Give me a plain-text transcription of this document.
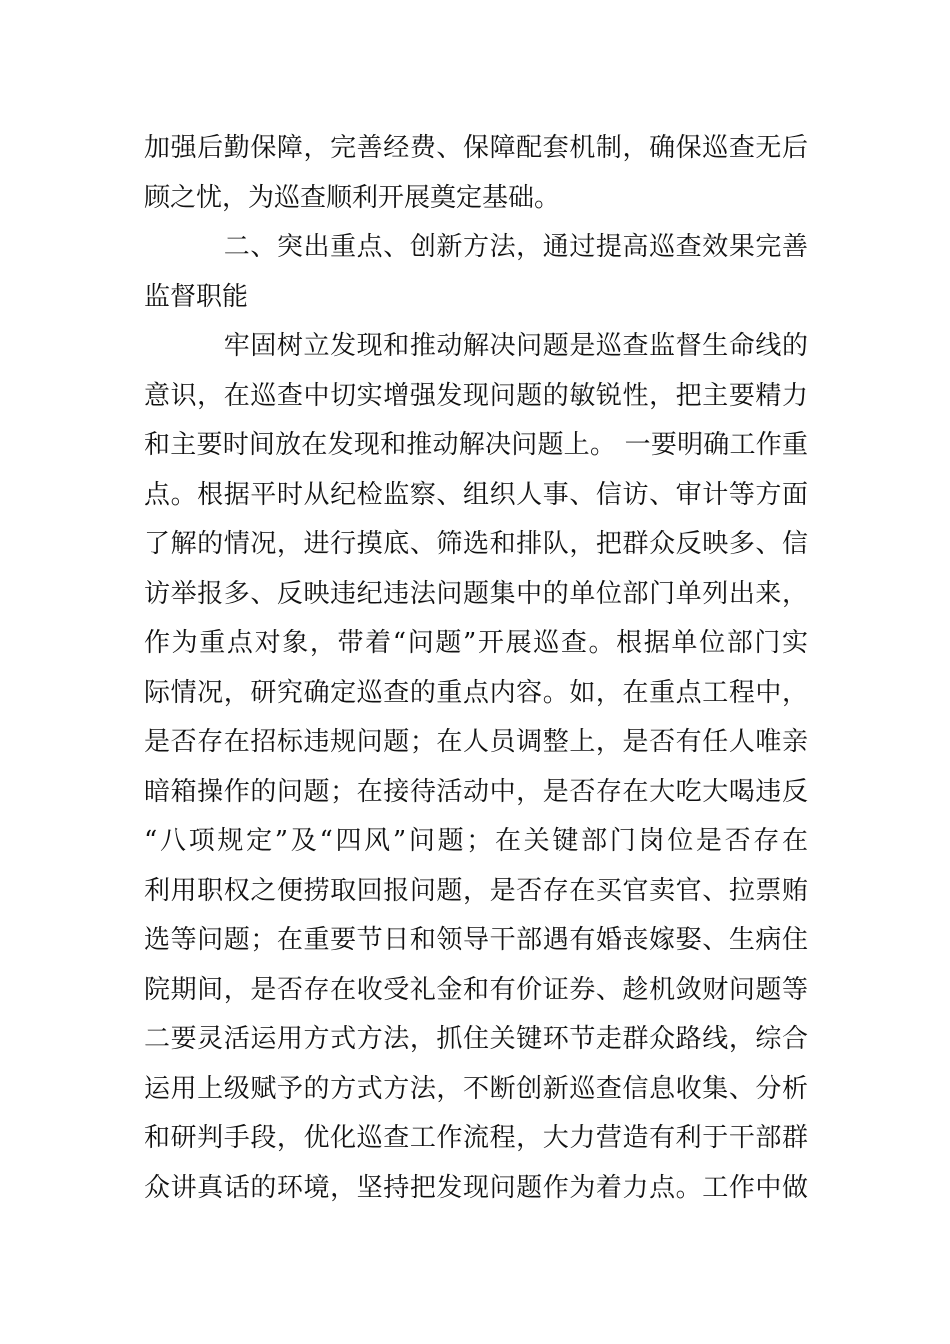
加强后勤保障，完善经费、保障配套机制，确保巡查无后
顾之忧，为巡查顺利开展奠定基础。
　　　二、突出重点、创新方法，通过提高巡查效果完善
监督职能
　　　牢固树立发现和推动解决问题是巡查监督生命线的
意识，在巡查中切实增强发现问题的敏锐性，把主要精力
和主要时间放在发现和推动解决问题上。 一要明确工作重
点。根据平时从纪检监察、组织人事、信访、审计等方面
了解的情况，进行摸底、筛选和排队，把群众反映多、信
访举报多、反映违纪违法问题集中的单位部门单列出来，
作为重点对象，带着“问题”开展巡查。根据单位部门实
际情况，研究确定巡查的重点内容。如，在重点工程中，
是否存在招标违规问题；在人员调整上，是否有任人唯亲
暗箱操作的问题；在接待活动中，是否存在大吃大喝违反
“八项规定”及“四风”问题；在关键部门岗位是否存在
利用职权之便捞取回报问题，是否存在买官卖官、拉票贿
选等问题；在重要节日和领导干部遇有婚丧嫁娶、生病住
院期间，是否存在收受礼金和有价证券、趁机敛财问题等
二要灵活运用方式方法，抓住关键环节走群众路线，综合
运用上级赋予的方式方法，不断创新巡查信息收集、分析
和研判手段，优化巡查工作流程，大力营造有利于干部群
众讲真话的环境，坚持把发现问题作为着力点。工作中做
